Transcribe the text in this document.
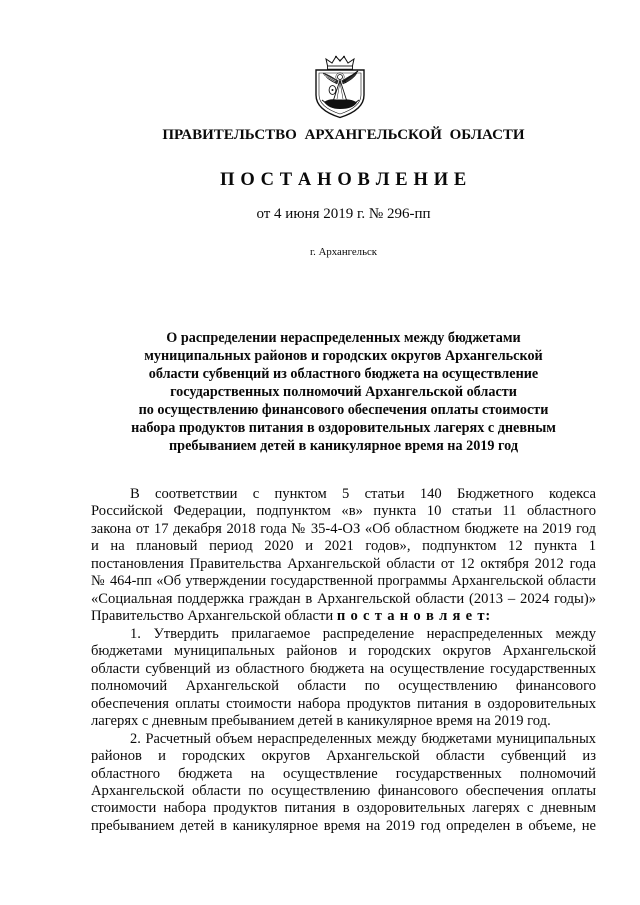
ПРАВИТЕЛЬСТВО АРХАНГЕЛЬСКОЙ ОБЛАСТИ
П О С Т А Н О В Л Е Н И Е
от 4 июня 2019 г. № 296-пп
г. Архангельск
О распределении нераспределенных между бюджетами
муниципальных районов и городских округов Архангельской
области субвенций из областного бюджета на осуществление
государственных полномочий Архангельской области
по осуществлению финансового обеспечения оплаты стоимости
набора продуктов питания в оздоровительных лагерях с дневным
пребыванием детей в каникулярное время на 2019 год
В соответствии с пунктом 5 статьи 140 Бюджетного кодекса
Российской Федерации, подпунктом «в» пункта 10 статьи 11 областного
закона от 17 декабря 2018 года № 35-4-ОЗ «Об областном бюджете на 2019 год
и на плановый период 2020 и 2021 годов», подпунктом 12 пункта 1
постановления Правительства Архангельской области от 12 октября 2012 года
№ 464-пп «Об утверждении государственной программы Архангельской области
«Социальная поддержка граждан в Архангельской области (2013 – 2024 годы)»
Правительство Архангельской области п о с т а н о в л я е т:
1. Утвердить прилагаемое распределение нераспределенных между
бюджетами муниципальных районов и городских округов Архангельской
области субвенций из областного бюджета на осуществление государственных
полномочий Архангельской области по осуществлению финансового
обеспечения оплаты стоимости набора продуктов питания в оздоровительных
лагерях с дневным пребыванием детей в каникулярное время на 2019 год.
2. Расчетный объем нераспределенных между бюджетами муниципальных
районов и городских округов Архангельской области субвенций из
областного бюджета на осуществление государственных полномочий
Архангельской области по осуществлению финансового обеспечения оплаты
стоимости набора продуктов питания в оздоровительных лагерях с дневным
пребыванием детей в каникулярное время на 2019 год определен в объеме, не
